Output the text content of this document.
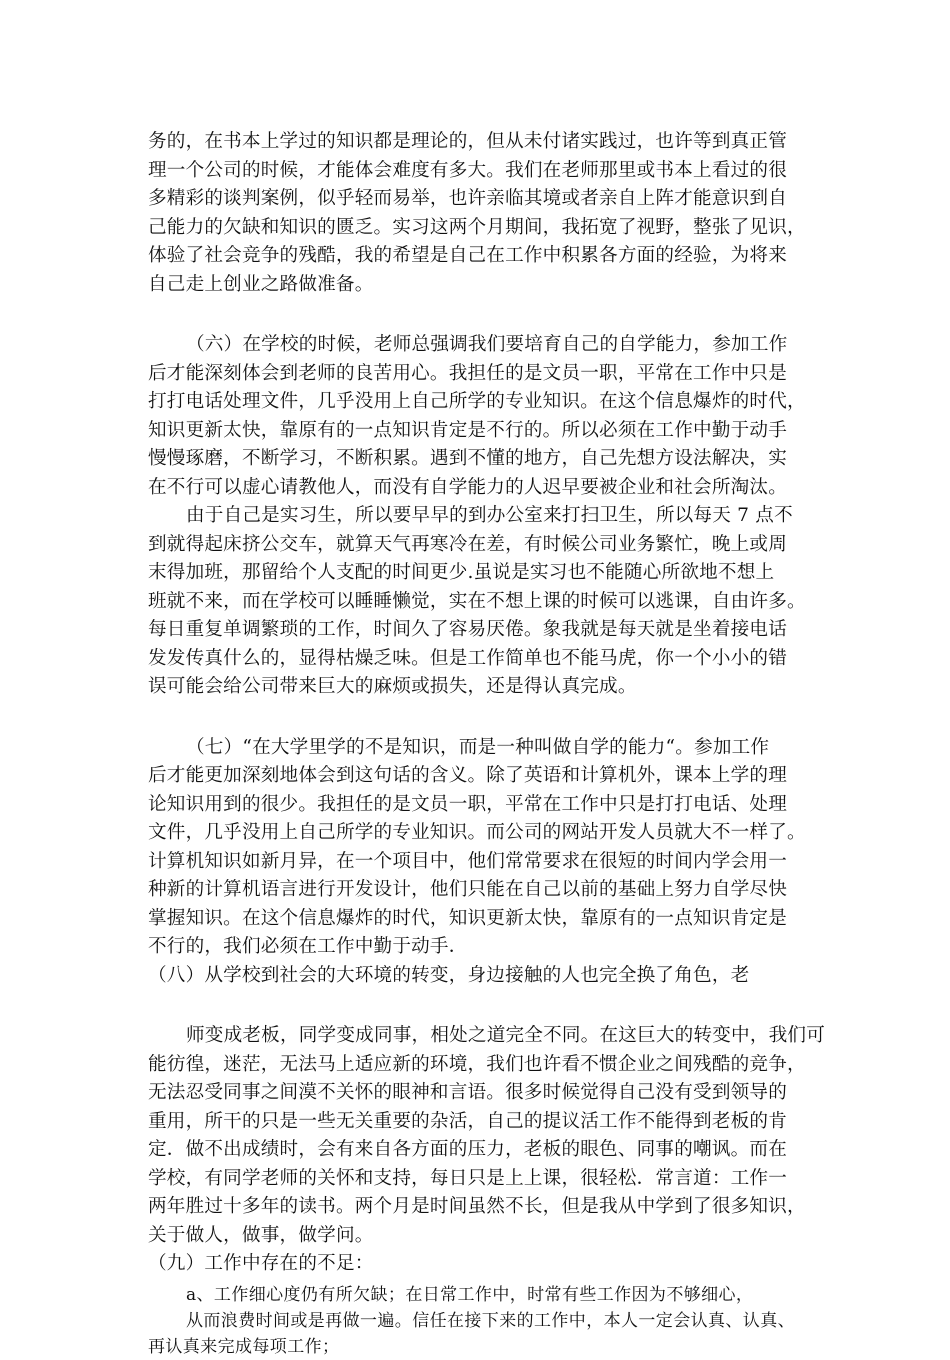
务的，在书本上学过的知识都是理论的，但从未付诸实践过，也许等到真正管
理一个公司的时候，才能体会难度有多大。我们在老师那里或书本上看过的很
多精彩的谈判案例，似乎轻而易举，也许亲临其境或者亲自上阵才能意识到自
己能力的欠缺和知识的匮乏。实习这两个月期间，我拓宽了视野，整张了见识，
体验了社会竞争的残酷，我的希望是自己在工作中积累各方面的经验，为将来
自己走上创业之路做准备。
（六）在学校的时候，老师总强调我们要培育自己的自学能力，参加工作
后才能深刻体会到老师的良苦用心。我担任的是文员一职，平常在工作中只是
打打电话处理文件，几乎没用上自己所学的专业知识。在这个信息爆炸的时代，
知识更新太快，靠原有的一点知识肯定是不行的。所以必须在工作中勤于动手
慢慢琢磨，不断学习，不断积累。遇到不懂的地方，自己先想方设法解决，实
在不行可以虚心请教他人，而没有自学能力的人迟早要被企业和社会所淘汰。
由于自己是实习生，所以要早早的到办公室来打扫卫生，所以每天 7 点不
到就得起床挤公交车，就算天气再寒冷在差，有时候公司业务繁忙，晚上或周
末得加班，那留给个人支配的时间更少.虽说是实习也不能随心所欲地不想上
班就不来，而在学校可以睡睡懒觉，实在不想上课的时候可以逃课，自由许多。
每日重复单调繁琐的工作，时间久了容易厌倦。象我就是每天就是坐着接电话
发发传真什么的，显得枯燥乏味。但是工作简单也不能马虎，你一个小小的错
误可能会给公司带来巨大的麻烦或损失，还是得认真完成。
（七）“在大学里学的不是知识，而是一种叫做自学的能力“。参加工作
后才能更加深刻地体会到这句话的含义。除了英语和计算机外，课本上学的理
论知识用到的很少。我担任的是文员一职，平常在工作中只是打打电话、处理
文件，几乎没用上自己所学的专业知识。而公司的网站开发人员就大不一样了。
计算机知识如新月异，在一个项目中，他们常常要求在很短的时间内学会用一
种新的计算机语言进行开发设计，他们只能在自己以前的基础上努力自学尽快
掌握知识。在这个信息爆炸的时代，知识更新太快，靠原有的一点知识肯定是
不行的，我们必须在工作中勤于动手．
（八）从学校到社会的大环境的转变，身边接触的人也完全换了角色，老
师变成老板，同学变成同事，相处之道完全不同。在这巨大的转变中，我们可
能彷徨，迷茫，无法马上适应新的环境，我们也许看不惯企业之间残酷的竞争，
无法忍受同事之间漠不关怀的眼神和言语。很多时候觉得自己没有受到领导的
重用，所干的只是一些无关重要的杂活，自己的提议活工作不能得到老板的肯
定．做不出成绩时，会有来自各方面的压力，老板的眼色、同事的嘲讽。而在
学校，有同学老师的关怀和支持，每日只是上上课，很轻松．常言道：工作一
两年胜过十多年的读书。两个月是时间虽然不长，但是我从中学到了很多知识，
关于做人，做事，做学问。
（九）工作中存在的不足：
a、工作细心度仍有所欠缺；在日常工作中，时常有些工作因为不够细心，
从而浪费时间或是再做一遍。信任在接下来的工作中，本人一定会认真、认真、
再认真来完成每项工作；
